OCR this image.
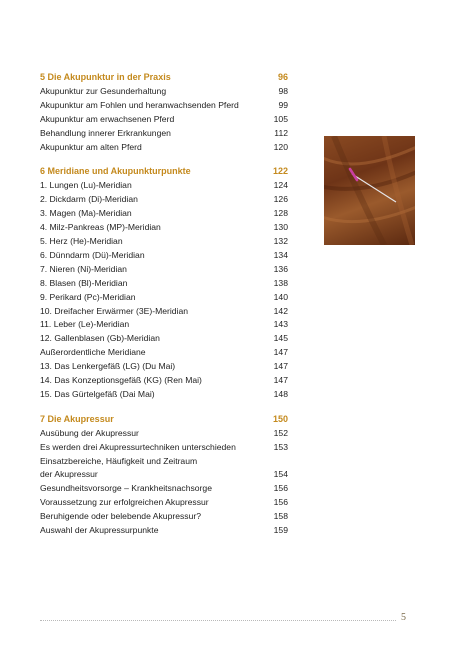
5 Die Akupunktur in der Praxis	96
Akupunktur zur Gesunderhaltung	98
Akupunktur am Fohlen und heranwachsenden Pferd	99
Akupunktur am erwachsenen Pferd	105
Behandlung innerer Erkrankungen	112
Akupunktur am alten Pferd	120
6 Meridiane und Akupunkturpunkte	122
1. Lungen (Lu)-Meridian	124
2. Dickdarm (Di)-Meridian	126
3. Magen (Ma)-Meridian	128
4. Milz-Pankreas (MP)-Meridian	130
5. Herz (He)-Meridian	132
6. Dünndarm (Dü)-Meridian	134
7. Nieren (Ni)-Meridian	136
8. Blasen (Bl)-Meridian	138
9. Perikard (Pc)-Meridian	140
10. Dreifacher Erwärmer (3E)-Meridian	142
11. Leber (Le)-Meridian	143
12. Gallenblasen (Gb)-Meridian	145
Außerordentliche Meridiane	147
13. Das Lenkergefäß (LG) (Du Mai)	147
14. Das Konzeptionsgefäß (KG) (Ren Mai)	147
15. Das Gürtelgefäß (Dai Mai)	148
7 Die Akupressur	150
Ausübung der Akupressur	152
Es werden drei Akupressurtechniken unterschieden	153
Einsatzbereiche, Häufigkeit und Zeitraum
der Akupressur	154
Gesundheitsvorsorge – Krankheitsnachsorge	156
Voraussetzung zur erfolgreichen Akupressur	156
Beruhigende oder belebende Akupressur?	158
Auswahl der Akupressurpunkte	159
5
